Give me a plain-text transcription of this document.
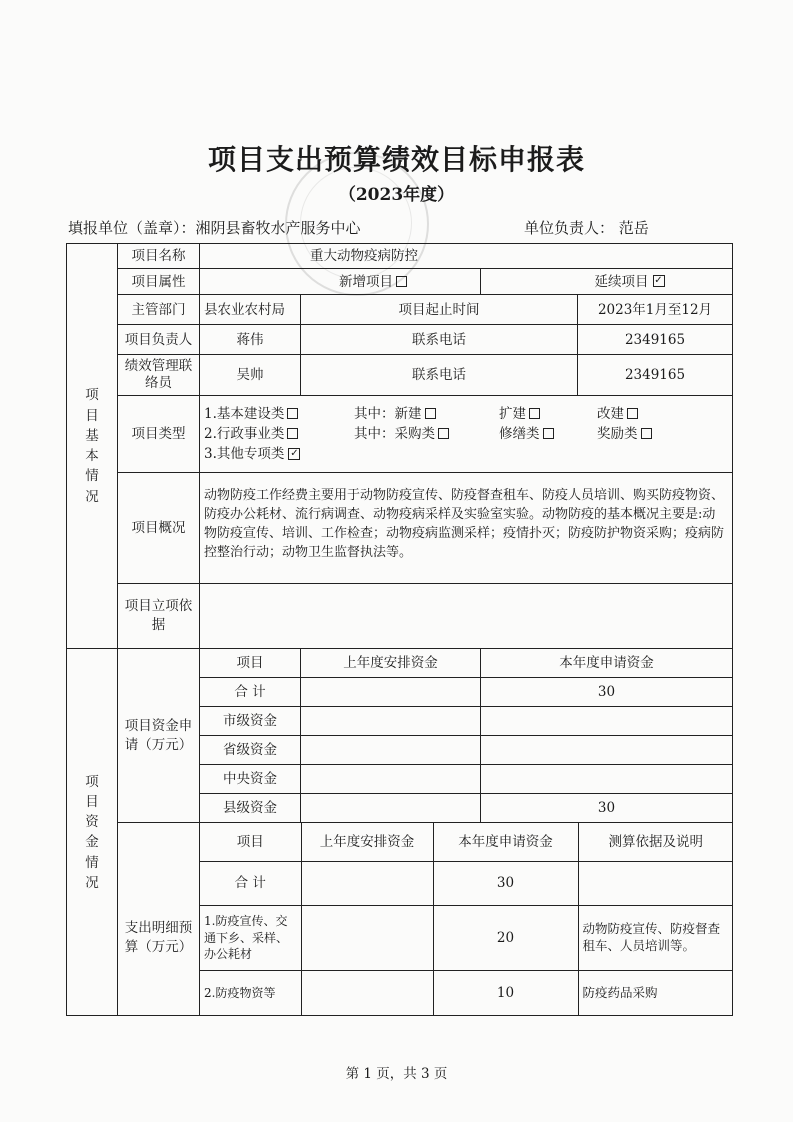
项目支出预算绩效目标申报表
（2023年度）
填报单位（盖章）：湘阴县畜牧水产服务中心	单位负责人： 范岳
项
目
基
本
情
况
	项目名称	重大动物疫病防控
项目属性	新增项目	延续项目 ✓
主管部门	县农业农村局	项目起止时间	2023年1月至12月
项目负责人	蒋伟	联系电话	2349165
绩效管理联络员	吴帅	联系电话	2349165
项目类型	
1.基本建设类	其中：新建	扩建	改建
2.行政事业类	其中：采购类	修缮类	奖励类
3.其他专项类 ✓

项目概况	动物防疫工作经费主要用于动物防疫宣传、防疫督查租车、防疫人员培训、购买防疫物资、防疫办公耗材、流行病调查、动物疫病采样及实验室实验。动物防疫的基本概况主要是:动物防疫宣传、培训、工作检查；动物疫病监测采样；疫情扑灭；防疫防护物资采购；疫病防控整治行动；动物卫生监督执法等。
项目立项依据	

项
目
资
金
情
况
	项目资金申请（万元）	项目	上年度安排资金	本年度申请资金
合 计		30
市级资金		
省级资金		
中央资金		
县级资金		30
支出明细预算（万元）	
项目	上年度安排资金	本年度申请资金	测算依据及说明
合 计		30	
1.防疫宣传、交通下乡、采样、办公耗材		20	动物防疫宣传、防疫督查租车、人员培训等。
2.防疫物资等		10	防疫药品采购
第 1 页，共 3 页
